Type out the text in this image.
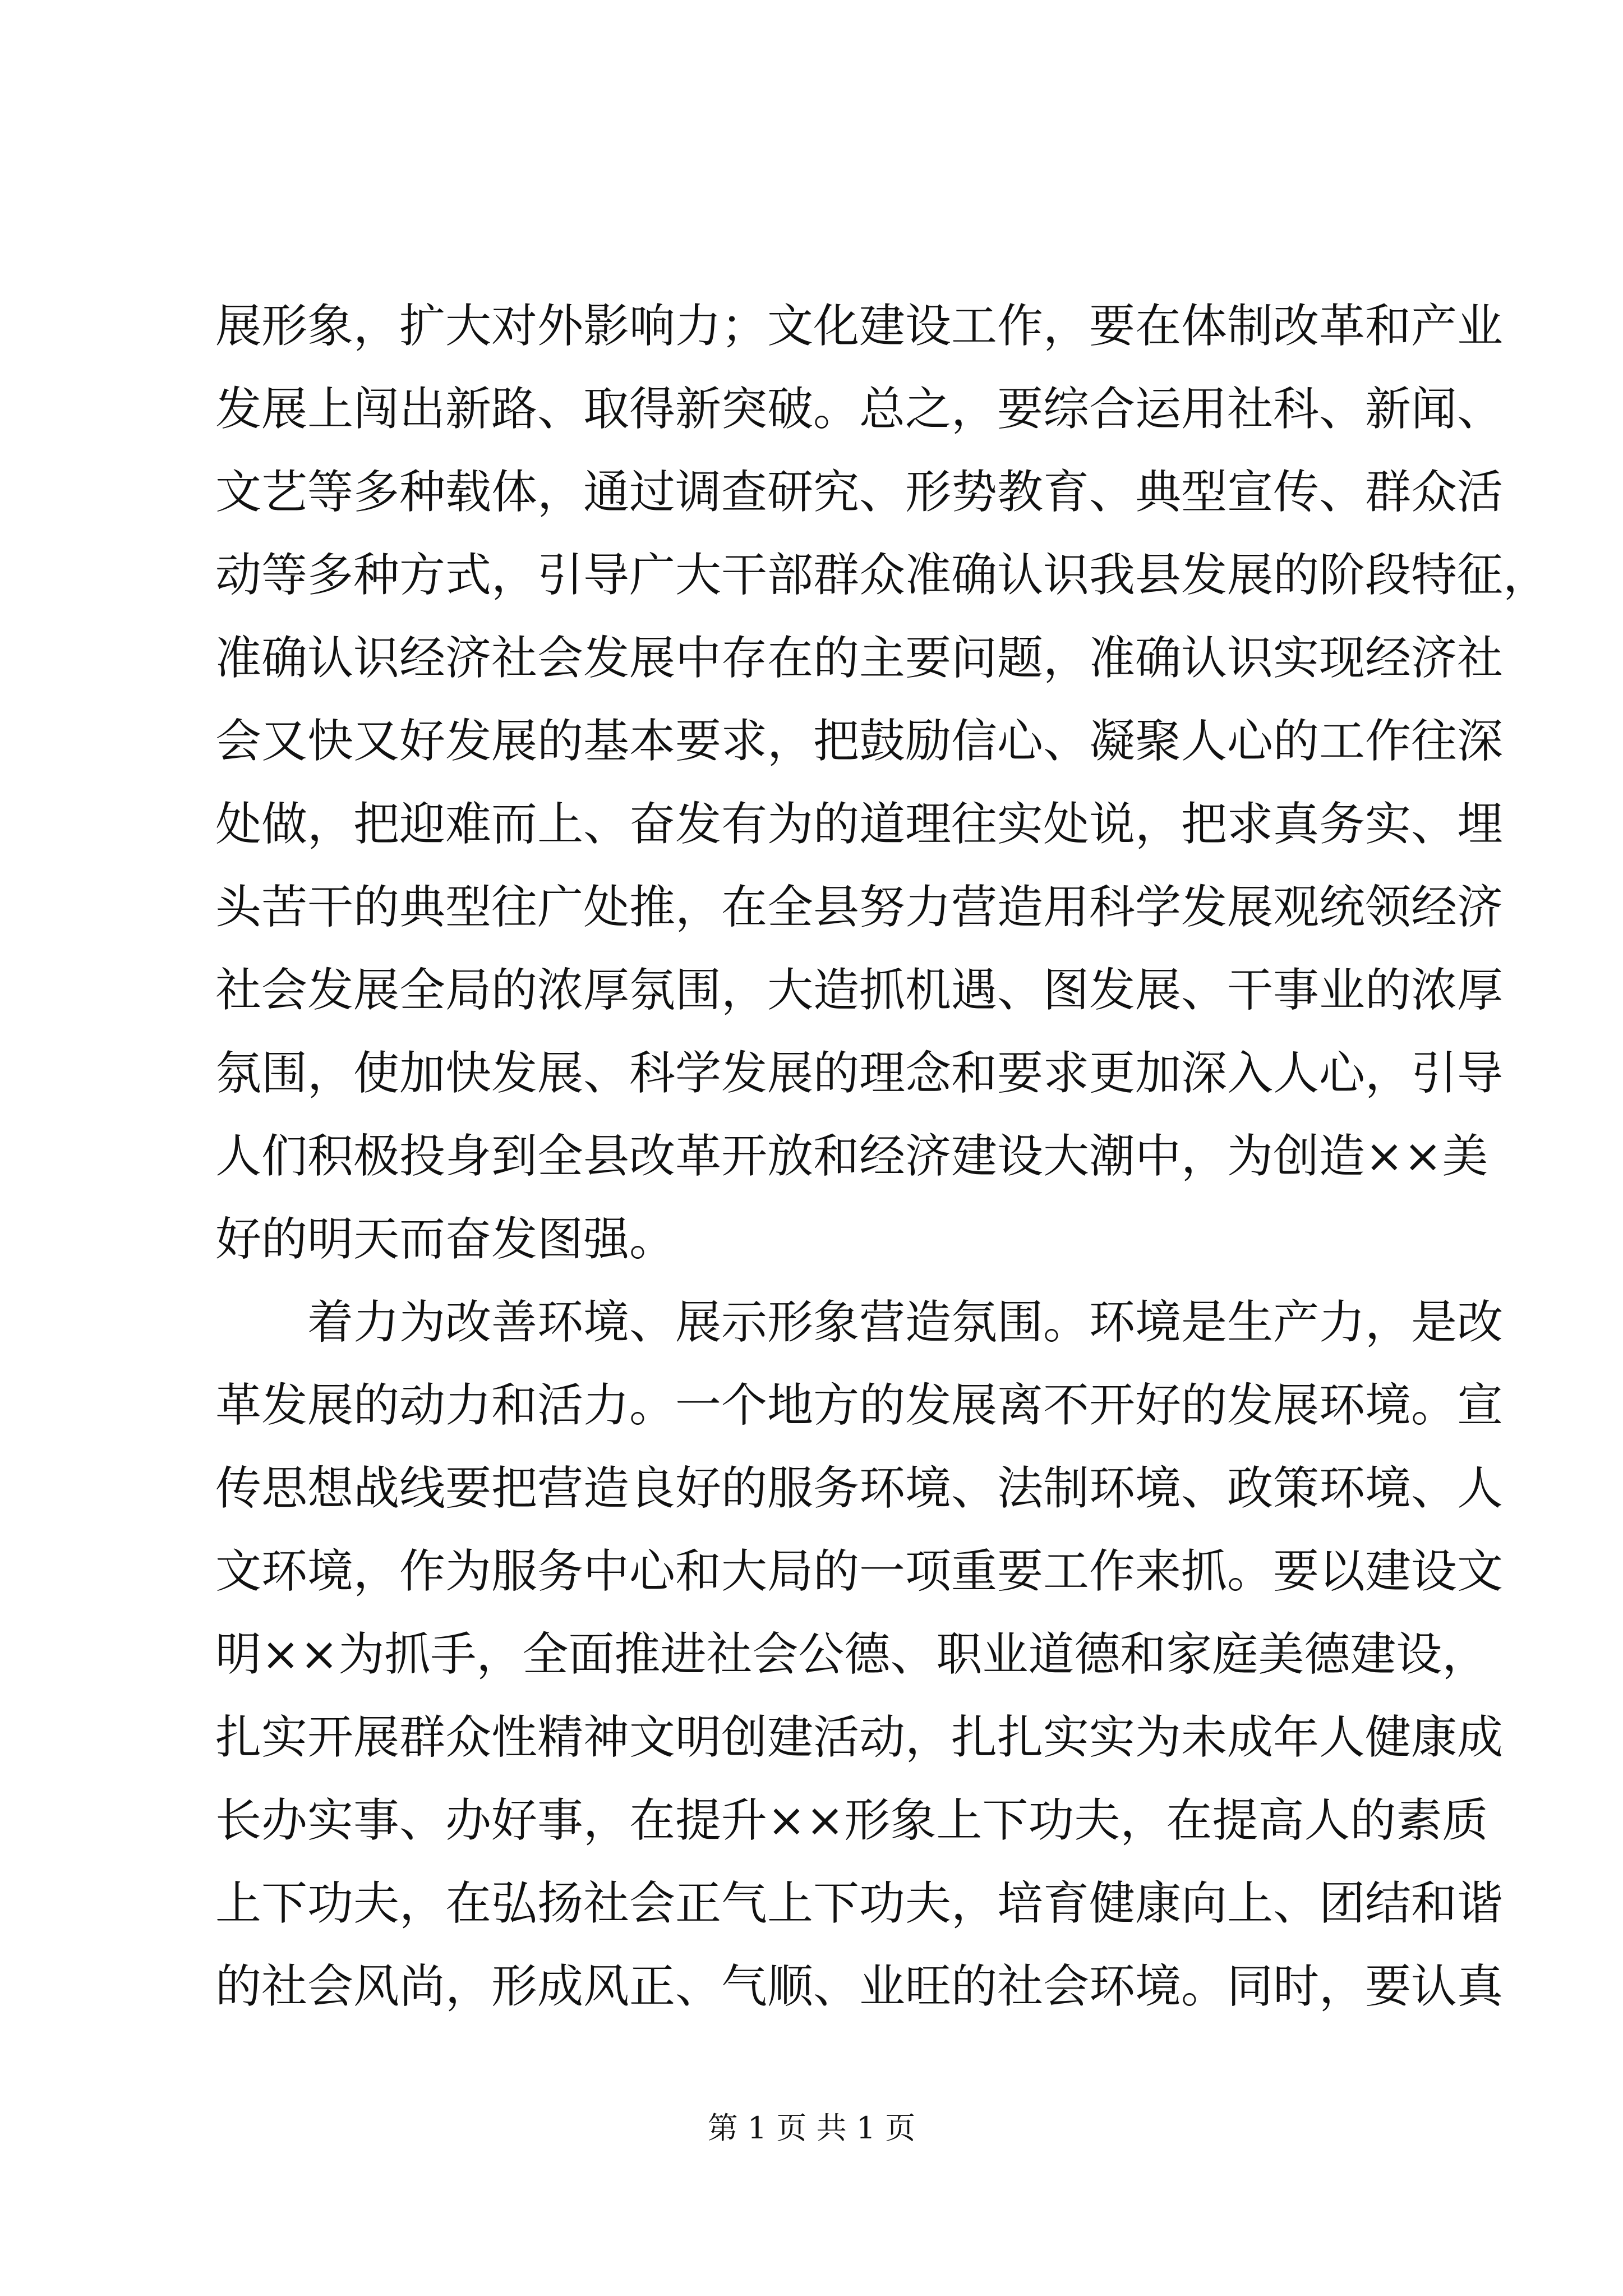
展形象，扩大对外影响力；文化建设工作，要在体制改革和产业
发展上闯出新路、取得新突破。总之，要综合运用社科、新闻、
文艺等多种载体，通过调查研究、形势教育、典型宣传、群众活
动等多种方式，引导广大干部群众准确认识我县发展的阶段特征，
准确认识经济社会发展中存在的主要问题，准确认识实现经济社
会又快又好发展的基本要求，把鼓励信心、凝聚人心的工作往深
处做，把迎难而上、奋发有为的道理往实处说，把求真务实、埋
头苦干的典型往广处推，在全县努力营造用科学发展观统领经济
社会发展全局的浓厚氛围，大造抓机遇、图发展、干事业的浓厚
氛围，使加快发展、科学发展的理念和要求更加深入人心，引导
人们积极投身到全县改革开放和经济建设大潮中，为创造××美
好的明天而奋发图强。
着力为改善环境、展示形象营造氛围。环境是生产力，是改
革发展的动力和活力。一个地方的发展离不开好的发展环境。宣
传思想战线要把营造良好的服务环境、法制环境、政策环境、人
文环境，作为服务中心和大局的一项重要工作来抓。要以建设文
明××为抓手，全面推进社会公德、职业道德和家庭美德建设，
扎实开展群众性精神文明创建活动，扎扎实实为未成年人健康成
长办实事、办好事，在提升××形象上下功夫，在提高人的素质
上下功夫，在弘扬社会正气上下功夫，培育健康向上、团结和谐
的社会风尚，形成风正、气顺、业旺的社会环境。同时，要认真
第 1 页 共 1 页
